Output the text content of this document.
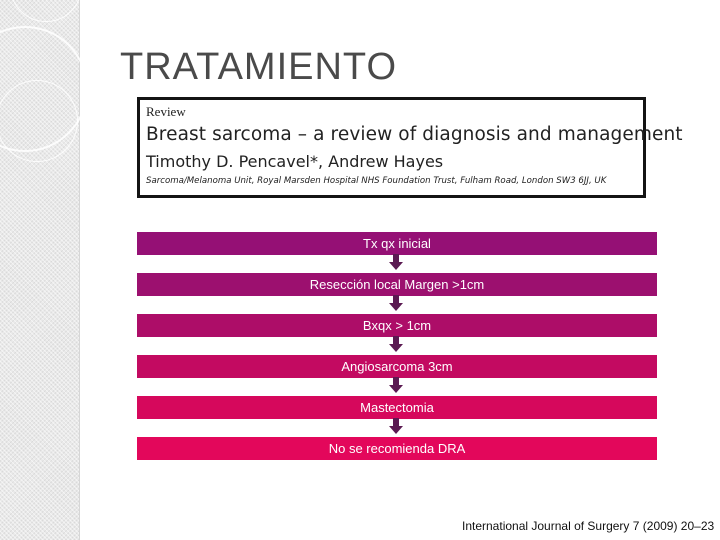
TRATAMIENTO
Review
Breast sarcoma – a review of diagnosis and management
Timothy D. Pencavel*, Andrew Hayes
Sarcoma/Melanoma Unit, Royal Marsden Hospital NHS Foundation Trust, Fulham Road, London SW3 6JJ, UK
Tx qx inicial
Resección local Margen >1cm
Bxqx > 1cm
Angiosarcoma 3cm
Mastectomia
No se recomienda DRA
International Journal of Surgery 7 (2009) 20–23
